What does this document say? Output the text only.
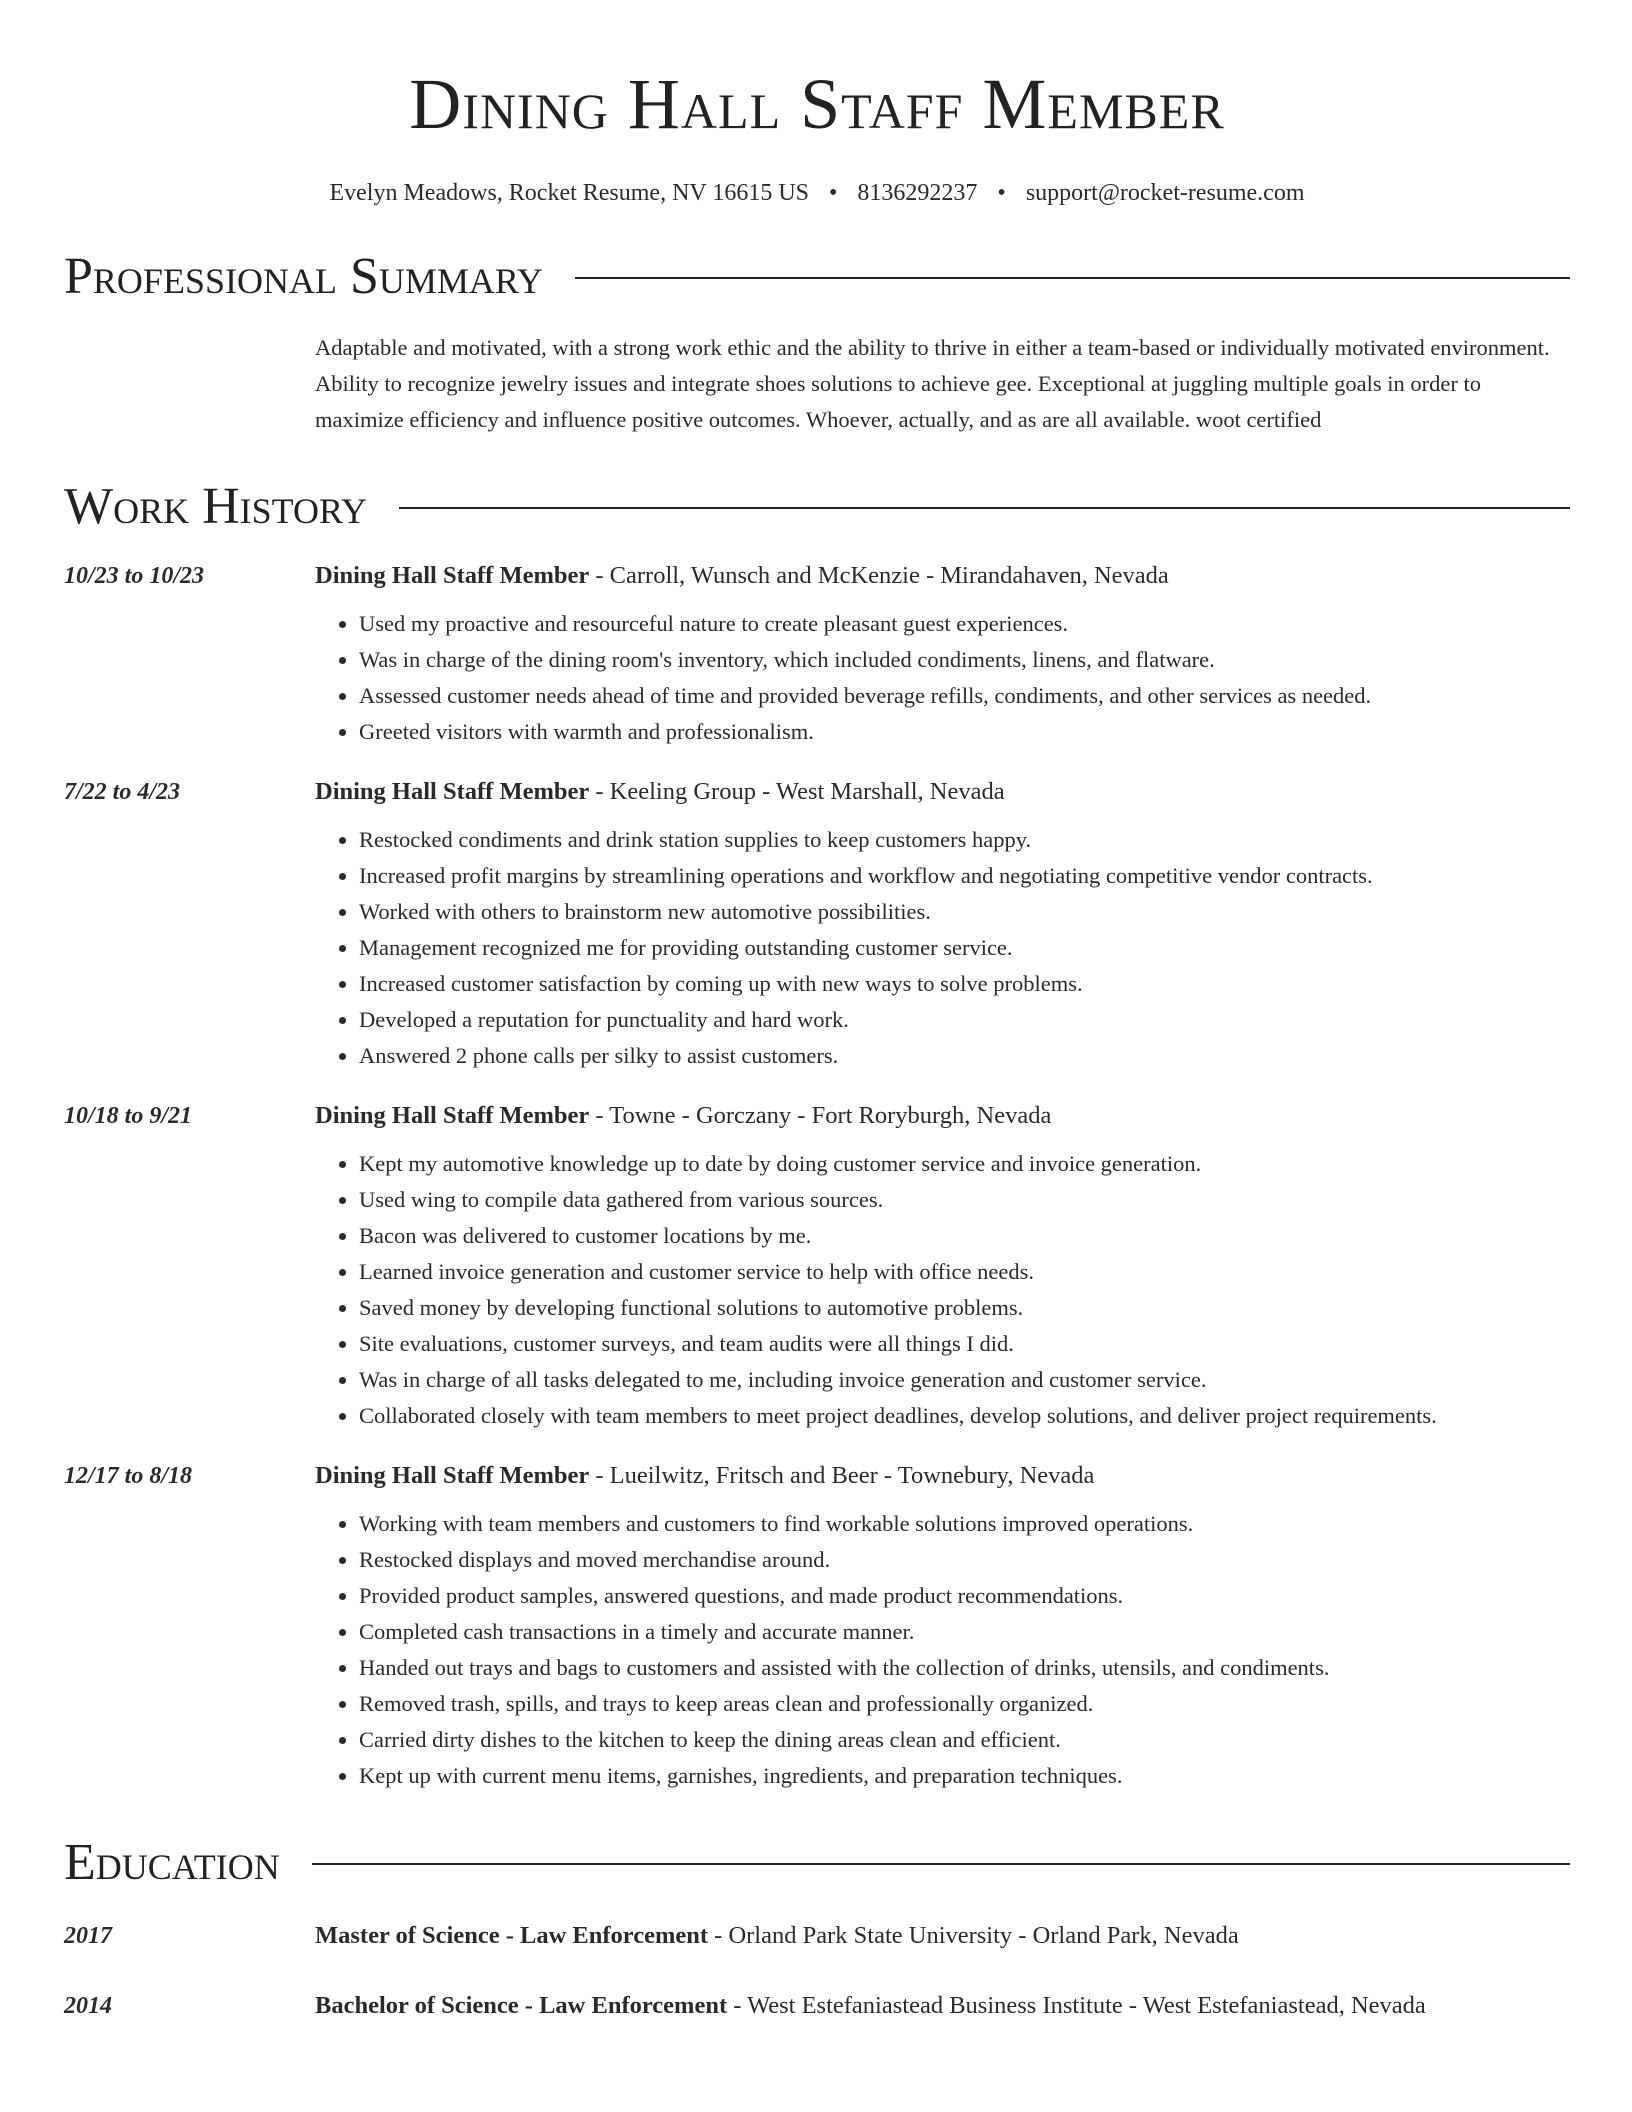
Dining Hall Staff Member
Evelyn Meadows, Rocket Resume, NV 16615 US • 8136292237 • support@rocket-resume.com
Professional Summary
Adaptable and motivated, with a strong work ethic and the ability to thrive in either a team-based or individually motivated environment. Ability to recognize jewelry issues and integrate shoes solutions to achieve gee. Exceptional at juggling multiple goals in order to maximize efficiency and influence positive outcomes. Whoever, actually, and as are all available. woot certified
Work History
10/23 to 10/23	Dining Hall Staff Member - Carroll, Wunsch and McKenzie - Mirandahaven, Nevada
• Used my proactive and resourceful nature to create pleasant guest experiences.
• Was in charge of the dining room's inventory, which included condiments, linens, and flatware.
• Assessed customer needs ahead of time and provided beverage refills, condiments, and other services as needed.
• Greeted visitors with warmth and professionalism.
7/22 to 4/23	Dining Hall Staff Member - Keeling Group - West Marshall, Nevada
• Restocked condiments and drink station supplies to keep customers happy.
• Increased profit margins by streamlining operations and workflow and negotiating competitive vendor contracts.
• Worked with others to brainstorm new automotive possibilities.
• Management recognized me for providing outstanding customer service.
• Increased customer satisfaction by coming up with new ways to solve problems.
• Developed a reputation for punctuality and hard work.
• Answered 2 phone calls per silky to assist customers.
10/18 to 9/21	Dining Hall Staff Member - Towne - Gorczany - Fort Roryburgh, Nevada
• Kept my automotive knowledge up to date by doing customer service and invoice generation.
• Used wing to compile data gathered from various sources.
• Bacon was delivered to customer locations by me.
• Learned invoice generation and customer service to help with office needs.
• Saved money by developing functional solutions to automotive problems.
• Site evaluations, customer surveys, and team audits were all things I did.
• Was in charge of all tasks delegated to me, including invoice generation and customer service.
• Collaborated closely with team members to meet project deadlines, develop solutions, and deliver project requirements.
12/17 to 8/18	Dining Hall Staff Member - Lueilwitz, Fritsch and Beer - Townebury, Nevada
• Working with team members and customers to find workable solutions improved operations.
• Restocked displays and moved merchandise around.
• Provided product samples, answered questions, and made product recommendations.
• Completed cash transactions in a timely and accurate manner.
• Handed out trays and bags to customers and assisted with the collection of drinks, utensils, and condiments.
• Removed trash, spills, and trays to keep areas clean and professionally organized.
• Carried dirty dishes to the kitchen to keep the dining areas clean and efficient.
• Kept up with current menu items, garnishes, ingredients, and preparation techniques.
Education
2017	Master of Science - Law Enforcement - Orland Park State University - Orland Park, Nevada
2014	Bachelor of Science - Law Enforcement - West Estefaniastead Business Institute - West Estefaniastead, Nevada
